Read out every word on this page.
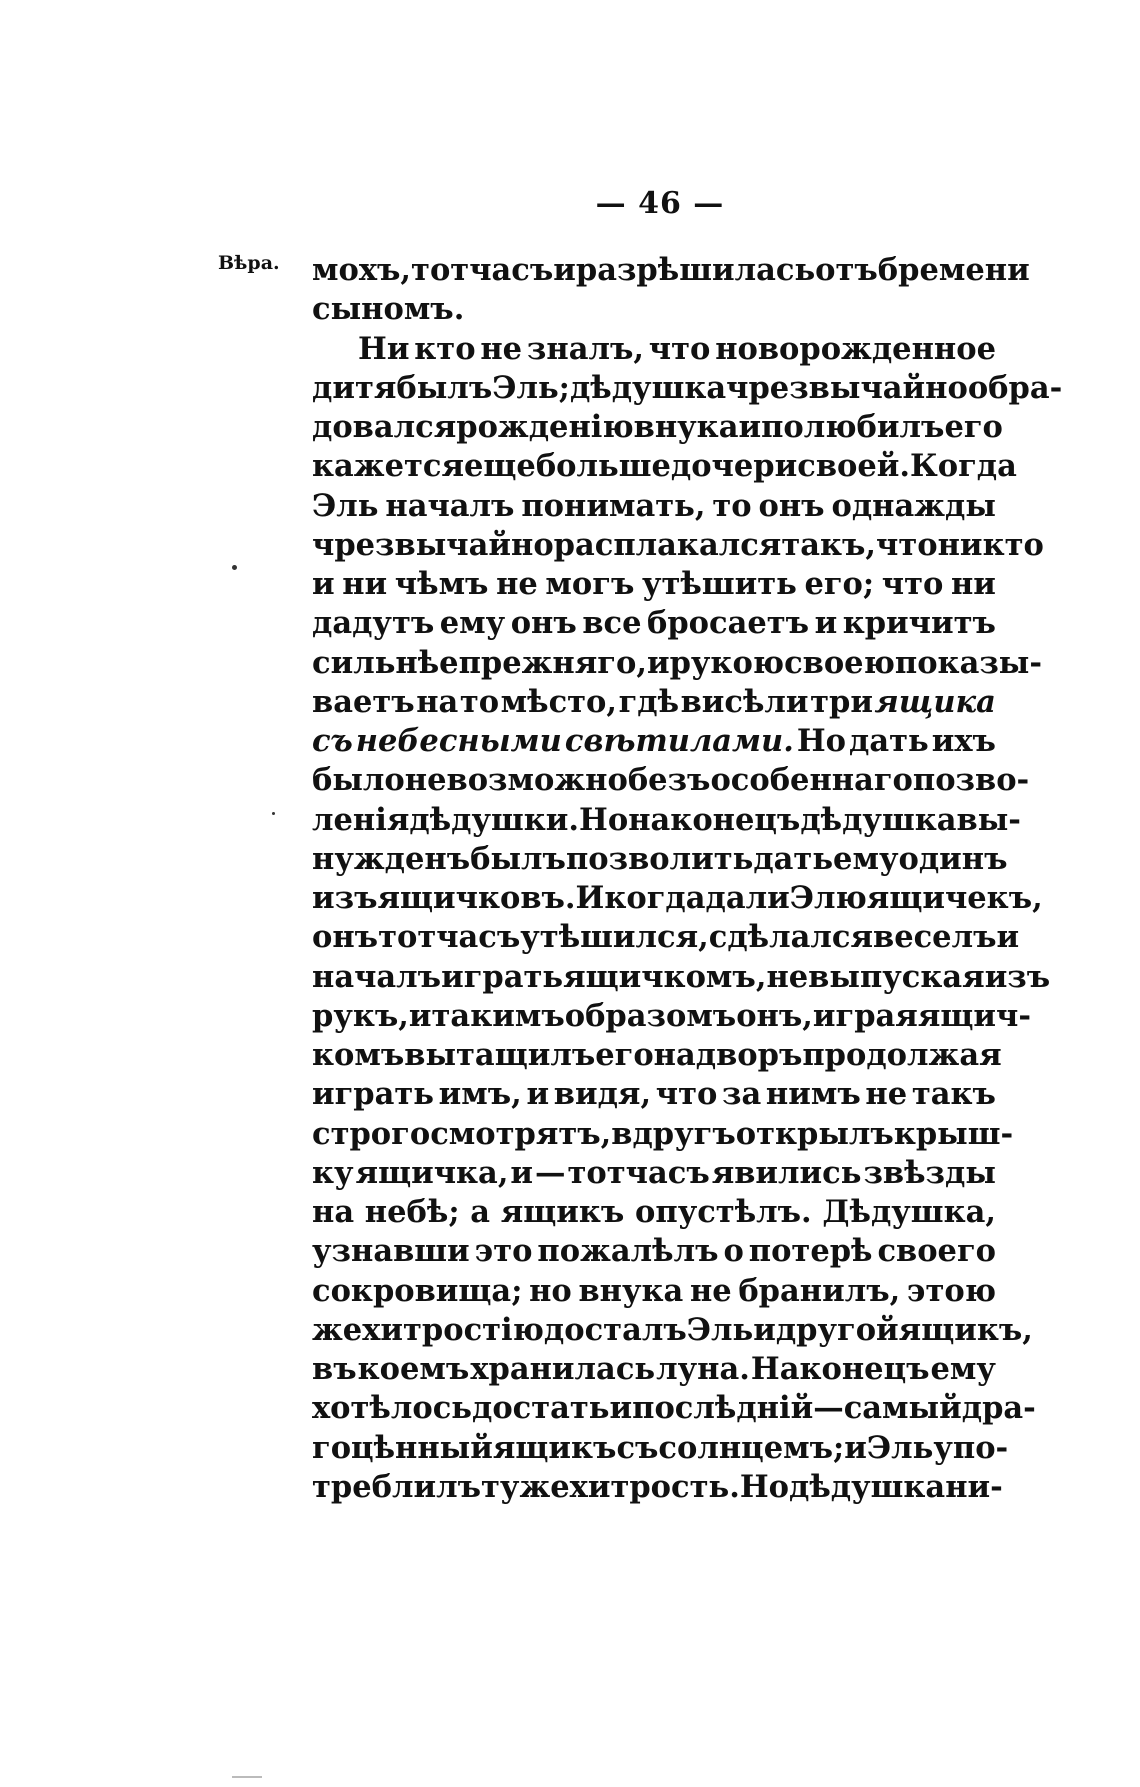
— 46 —
Вѣра. мохъ, тотчасъ и разрѣшилась отъ бремени
сыномъ.
Ни кто не зналъ, что новорожденное
дитя былъ Эль; дѣдушка чрезвычайно обра-
довался рожденію внука и полюбилъ его
кажется еще больше дочери своей. Когда
Эль началъ понимать, то онъ однажды
чрезвычайно расплакался такъ, что ни кто
и ни чѣмъ не могъ утѣшить его; что ни
дадутъ ему онъ все бросаетъ и кричитъ
сильнѣе прежняго, и рукою своею показы-
ваетъ на то мѣсто, гдѣ висѣли три ящика
съ небесными свѣтилами. Но дать ихъ
было не возможно безъ особеннаго позво-
ленія дѣдушки. Но наконецъ дѣдушка вы-
нужденъ былъ позволить дать ему одинъ
изъ ящичковъ. И когда дали Элю ящичекъ,
онъ тотчасъ утѣшился, сдѣлался веселъ и
началъ играть ящичкомъ, не выпуская изъ
рукъ, и такимъ образомъ онъ, играя ящич-
комъ вытащилъ его на дворъ продолжая
играть имъ, и видя, что за нимъ не такъ
строго смотрятъ, вдругъ открылъ крыш-
ку ящичка, и — тотчасъ явились звѣзды
на небѣ; а ящикъ опустѣлъ. Дѣдушка,
узнавши это пожалѣлъ о потерѣ своего
сокровища; но внука не бранилъ, этою
же хитростію досталъ Эль и другой ящикъ,
въ коемъ хранилась луна. Наконецъ ему
хотѣлось достать и послѣдній — самый дра-
гоцѣнный ящикъ съ солнцемъ; и Эль упо-
треблилъ туже хитрость. Но дѣдушка ни-
